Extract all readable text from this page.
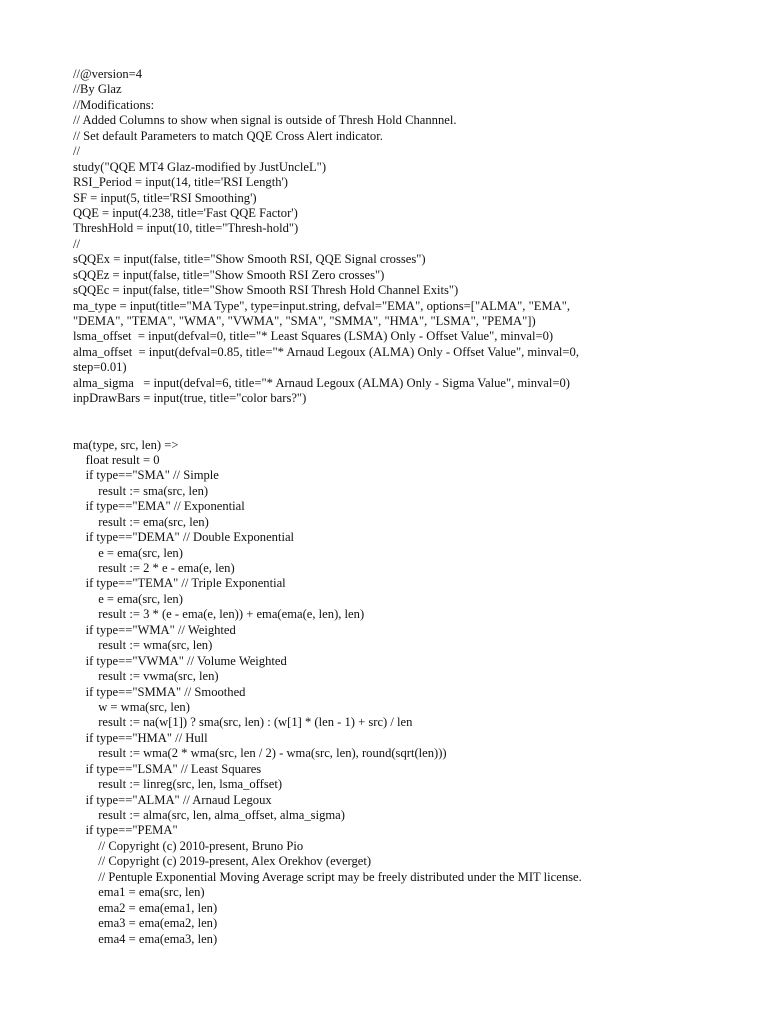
//@version=4
//By Glaz
//Modifications:
// Added Columns to show when signal is outside of Thresh Hold Channnel.
// Set default Parameters to match QQE Cross Alert indicator.
//
study("QQE MT4 Glaz-modified by JustUncleL")
RSI_Period = input(14, title='RSI Length')
SF = input(5, title='RSI Smoothing')
QQE = input(4.238, title='Fast QQE Factor')
ThreshHold = input(10, title="Thresh-hold")
//
sQQEx = input(false, title="Show Smooth RSI, QQE Signal crosses")
sQQEz = input(false, title="Show Smooth RSI Zero crosses")
sQQEc = input(false, title="Show Smooth RSI Thresh Hold Channel Exits")
ma_type = input(title="MA Type", type=input.string, defval="EMA", options=["ALMA", "EMA",
"DEMA", "TEMA", "WMA", "VWMA", "SMA", "SMMA", "HMA", "LSMA", "PEMA"])
lsma_offset  = input(defval=0, title="* Least Squares (LSMA) Only - Offset Value", minval=0)
alma_offset  = input(defval=0.85, title="* Arnaud Legoux (ALMA) Only - Offset Value", minval=0,
step=0.01)
alma_sigma   = input(defval=6, title="* Arnaud Legoux (ALMA) Only - Sigma Value", minval=0)
inpDrawBars = input(true, title="color bars?")
ma(type, src, len) =>
float result = 0
if type=="SMA" // Simple
result := sma(src, len)
if type=="EMA" // Exponential
result := ema(src, len)
if type=="DEMA" // Double Exponential
e = ema(src, len)
result := 2 * e - ema(e, len)
if type=="TEMA" // Triple Exponential
e = ema(src, len)
result := 3 * (e - ema(e, len)) + ema(ema(e, len), len)
if type=="WMA" // Weighted
result := wma(src, len)
if type=="VWMA" // Volume Weighted
result := vwma(src, len)
if type=="SMMA" // Smoothed
w = wma(src, len)
result := na(w[1]) ? sma(src, len) : (w[1] * (len - 1) + src) / len
if type=="HMA" // Hull
result := wma(2 * wma(src, len / 2) - wma(src, len), round(sqrt(len)))
if type=="LSMA" // Least Squares
result := linreg(src, len, lsma_offset)
if type=="ALMA" // Arnaud Legoux
result := alma(src, len, alma_offset, alma_sigma)
if type=="PEMA"
// Copyright (c) 2010-present, Bruno Pio
// Copyright (c) 2019-present, Alex Orekhov (everget)
// Pentuple Exponential Moving Average script may be freely distributed under the MIT license.
ema1 = ema(src, len)
ema2 = ema(ema1, len)
ema3 = ema(ema2, len)
ema4 = ema(ema3, len)
